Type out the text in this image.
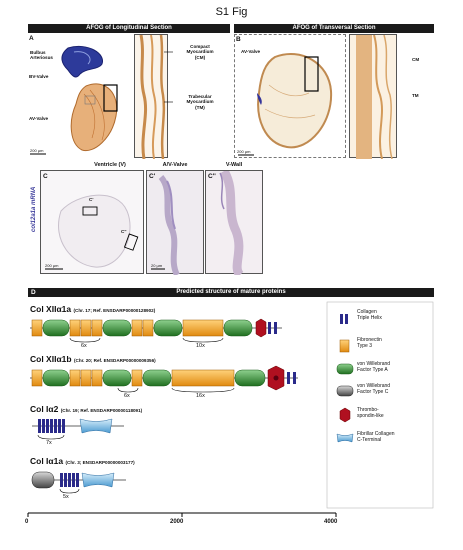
S1 Fig
AFOG of Longitudinal Section	AFOG of Transversal Section
A
Bulbus
Arteriosus
BV-Valve
AV-Valve
200 µm
Compact
Myocardium
(CM)
Trabecular
Myocardium
(TM)
B
AV-Valve
200 µm
CM
TM
col12a1a mRNA
Ventricle (V)	A/V-Valve	V-Wall
C
C'
C''
200 µm
C'
20 µm
C''
D	Predicted structure of mature proteins
Col XIIα1a (Chr. 17; Ref. ENSDARP00000128902)
Col XIIα1b (Chr. 20; Ref. ENSDARP00000009356)
Col Iα2 (Chr. 19; Ref. ENSDARP00000118091)
Col Iα1a (Chr. 3; ENSDARP00000003177)
6x	10x
6x	16x
7x
5x
Collagen
Triple Helix
Fibronectin
Type 3
von Willebrand
Factor Type A
von Willebrand
Factor Type C
Thrombo-
spondin-like
Fibrillar Collagen
C-Terminal
0	2000	4000
